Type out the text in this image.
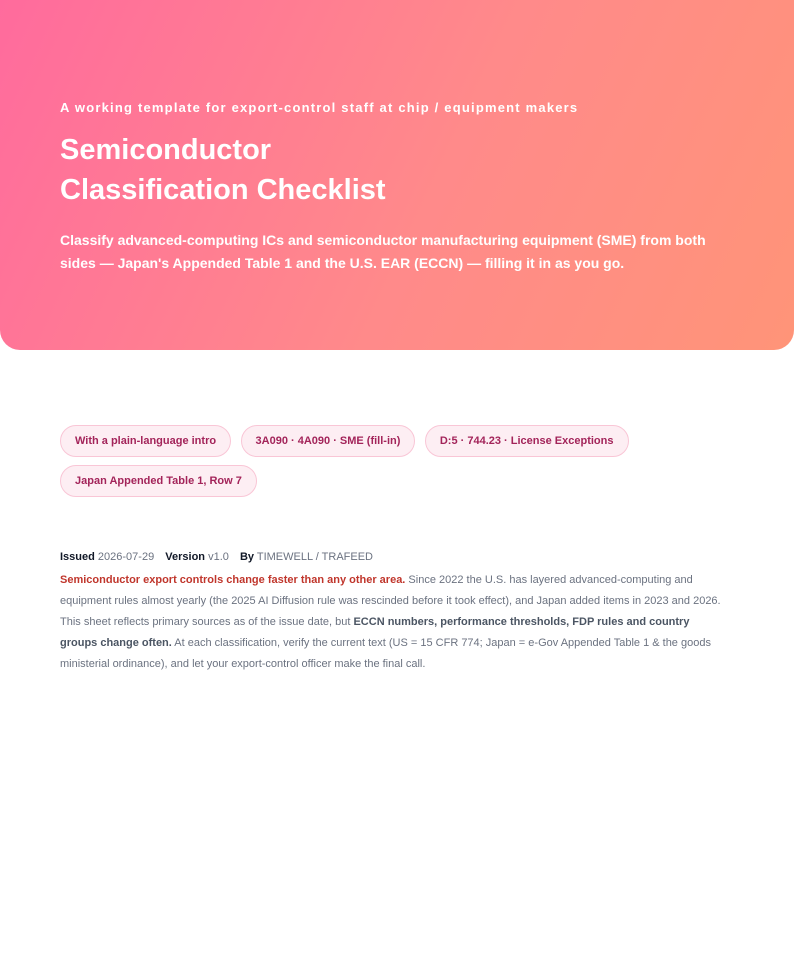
A working template for export-control staff at chip / equipment makers
Semiconductor
Classification Checklist

Classify advanced-computing ICs and semiconductor manufacturing equipment (SME) from both sides — Japan's Appended Table 1 and the U.S. EAR (ECCN) — filling it in as you go.

With a plain-language intro	3A090 · 4A090 · SME (fill-in)	D:5 · 744.23 · License Exceptions Japan Appended Table 1, Row 7
Issued 2026-07-29 Version v1.0 By TIMEWELL / TRAFEED

Semiconductor export controls change faster than any other area. Since 2022 the U.S. has layered advanced-computing and equipment rules almost yearly (the 2025 AI Diffusion rule was rescinded before it took effect), and Japan added items in 2023 and 2026. This sheet reflects primary sources as of the issue date, but ECCN numbers, performance thresholds, FDP rules and country groups change often. At each classification, verify the current text (US = 15 CFR 774; Japan = e-Gov Appended Table 1 & the goods ministerial ordinance), and let your export-control officer make the final call.
